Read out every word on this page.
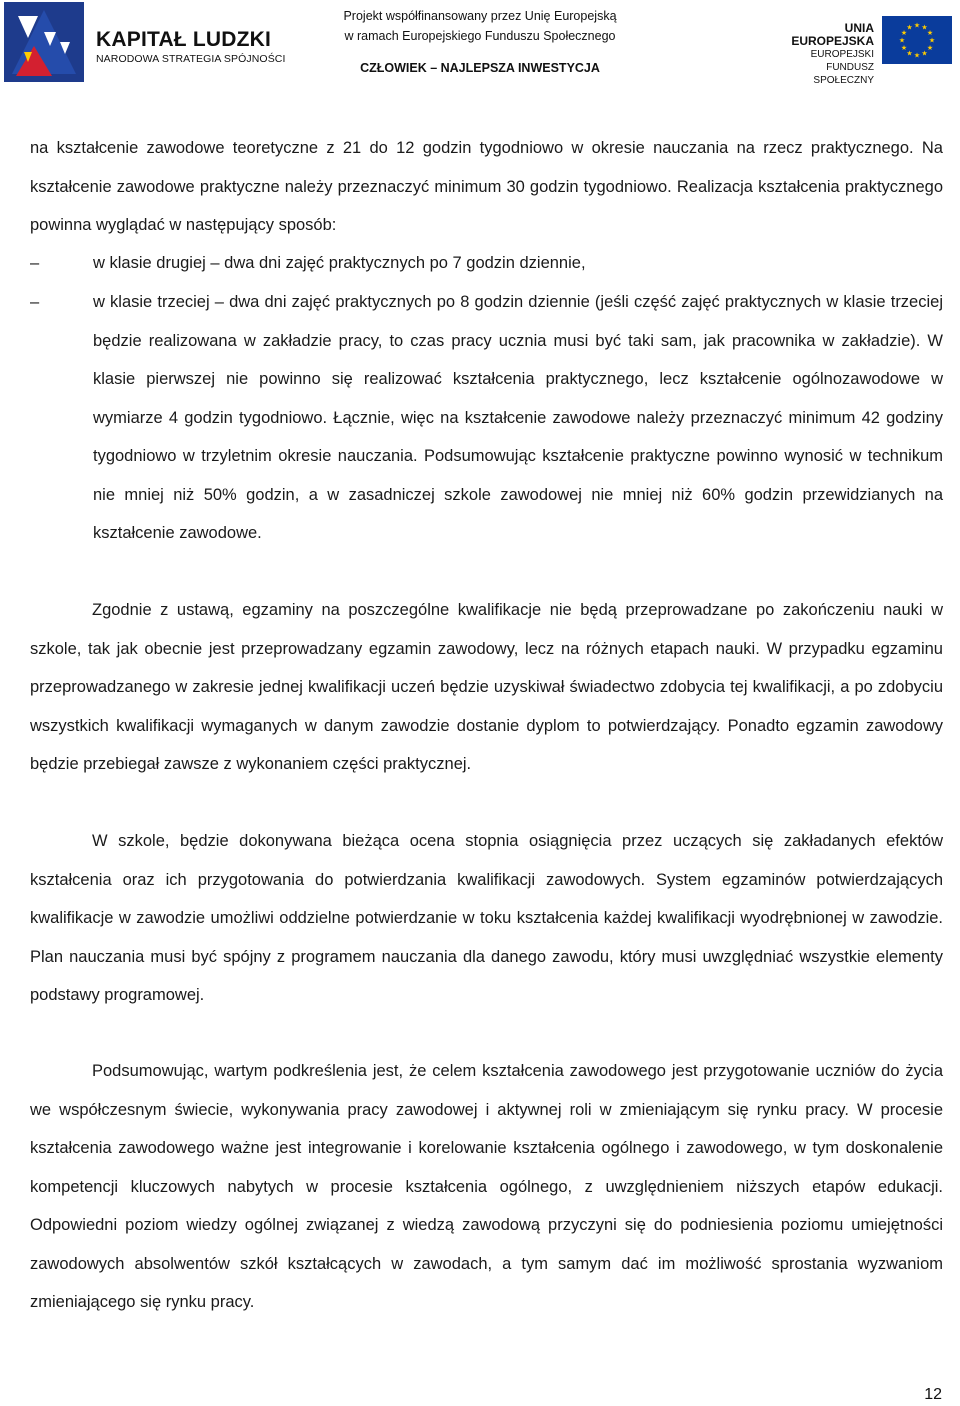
KAPITAŁ LUDZKI
NARODOWA STRATEGIA SPÓJNOŚCI
Projekt współfinansowany przez Unię Europejską
w ramach Europejskiego Funduszu Społecznego
CZŁOWIEK – NAJLEPSZA INWESTYCJA
UNIA EUROPEJSKA
EUROPEJSKI
FUNDUSZ SPOŁECZNY
★
★
★
★
★
★
★
★
★ ★ ★
★

na kształcenie zawodowe teoretyczne z 21 do 12 godzin tygodniowo w okresie nauczania na rzecz praktycznego. Na kształcenie zawodowe praktyczne należy przeznaczyć minimum 30 godzin tygodniowo. Realizacja kształcenia praktycznego powinna wyglądać w następujący sposób:

–	w klasie drugiej – dwa dni zajęć praktycznych po 7 godzin dziennie,

–	w klasie trzeciej – dwa dni zajęć praktycznych po 8 godzin dziennie (jeśli część zajęć praktycznych w klasie trzeciej będzie realizowana w zakładzie pracy, to czas pracy ucznia musi być taki sam, jak pracownika w zakładzie). W klasie pierwszej nie powinno się realizować kształcenia praktycznego, lecz kształcenie ogólnozawodowe w wymiarze 4 godzin tygodniowo. Łącznie, więc na kształcenie zawodowe należy przeznaczyć minimum 42 godziny tygodniowo w trzyletnim okresie nauczania. Podsumowując kształcenie praktyczne powinno wynosić w technikum nie mniej niż 50% godzin, a w zasadniczej szkole zawodowej nie mniej niż 60% godzin przewidzianych na kształcenie zawodowe.

Zgodnie z ustawą, egzaminy na poszczególne kwalifikacje nie będą przeprowadzane po zakończeniu nauki w szkole, tak jak obecnie jest przeprowadzany egzamin zawodowy, lecz na różnych etapach nauki. W przypadku egzaminu przeprowadzanego w zakresie jednej kwalifikacji uczeń będzie uzyskiwał świadectwo zdobycia tej kwalifikacji, a po zdobyciu wszystkich kwalifikacji wymaganych w danym zawodzie dostanie dyplom to potwierdzający. Ponadto egzamin zawodowy będzie przebiegał zawsze z wykonaniem części praktycznej.

W szkole, będzie dokonywana bieżąca ocena stopnia osiągnięcia przez uczących się zakładanych efektów kształcenia oraz ich przygotowania do potwierdzania kwalifikacji zawodowych. System egzaminów potwierdzających kwalifikacje w zawodzie umożliwi oddzielne potwierdzanie w toku kształcenia każdej kwalifikacji wyodrębnionej w zawodzie. Plan nauczania musi być spójny z programem nauczania dla danego zawodu, który musi uwzględniać wszystkie elementy podstawy programowej.

Podsumowując, wartym podkreślenia jest, że celem kształcenia zawodowego jest przygotowanie uczniów do życia we współczesnym świecie, wykonywania pracy zawodowej i aktywnej roli w zmieniającym się rynku pracy. W procesie kształcenia zawodowego ważne jest integrowanie i korelowanie kształcenia ogólnego i zawodowego, w tym doskonalenie kompetencji kluczowych nabytych w procesie kształcenia ogólnego, z uwzględnieniem niższych etapów edukacji. Odpowiedni poziom wiedzy ogólnej związanej z wiedzą zawodową przyczyni się do podniesienia poziomu umiejętności zawodowych absolwentów szkół kształcących w zawodach, a tym samym dać im możliwość sprostania wyzwaniom zmieniającego się rynku pracy.

12
